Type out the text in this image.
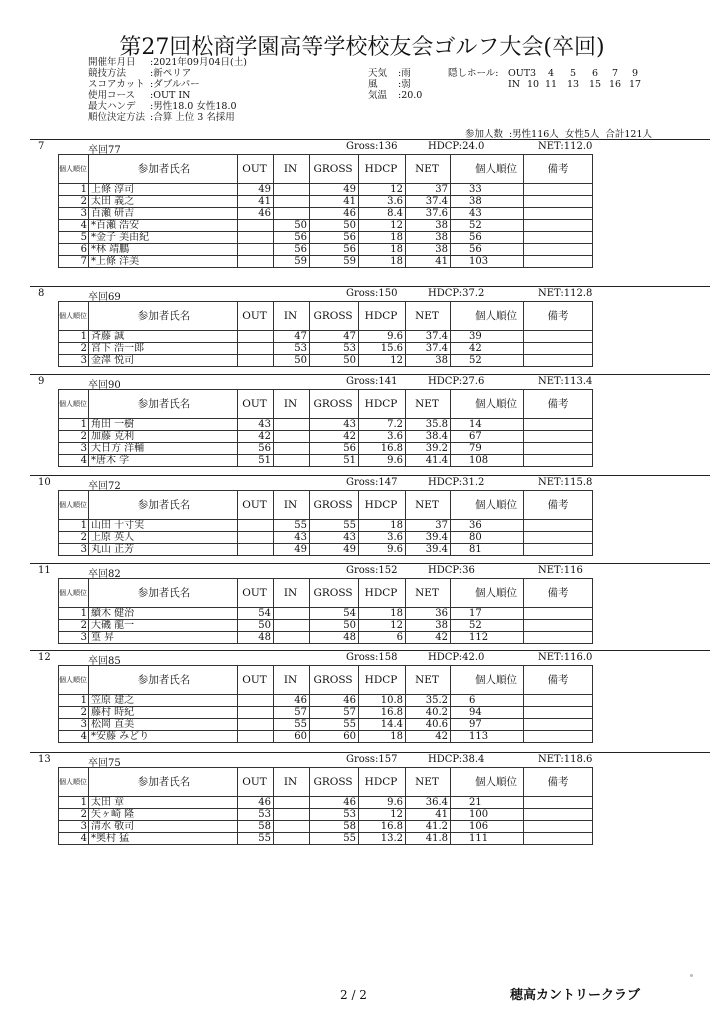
第27回松商学園高等学校校友会ゴルフ大会(卒回)
開催年月日 :2021年09月04日(土)
競技方法	:新ペリア
スコアカット :ダブルパー
使用コース :OUT IN
最大ハンデ :男性18.0 女性18.0
順位決定方法 :合算 上位 3 名採用
天気 :雨
風 :弱
気温 :20.0
隠しホール: OUT 3	4	5	6	7	9
IN 10 11	13	15 16 17
参加人数 :男性116人 女性5人 合計121人
7	卒回77	Gross:136	HDCP:24.0	NET:112.0
個人順位	参加者氏名	OUT	IN	GROSS	HDCP	NET	個人順位	備考
1	上條 淳司	49		49	12	37	33	
2	太田 義之	41		41	3.6	37.4	38	
3	百瀬 研吉	46		46	8.4	37.6	43	
4	*百瀬 浩安		50	50	12	38	52	
5	*金子 美由紀		56	56	18	38	56	
6	*林 靖鵬		56	56	18	38	56	
7	*上條 洋美		59	59	18	41	103	
8	卒回69	Gross:150	HDCP:37.2	NET:112.8
個人順位	参加者氏名	OUT	IN	GROSS	HDCP	NET	個人順位	備考
1	斉藤 誠		47	47	9.6	37.4	39	
2	宮下 浩一郎		53	53	15.6	37.4	42	
3	金澤 悦司		50	50	12	38	52	
9	卒回90	Gross:141	HDCP:27.6	NET:113.4
個人順位	参加者氏名	OUT	IN	GROSS	HDCP	NET	個人順位	備考
1	角田 一樹	43		43	7.2	35.8	14	
2	加藤 克利	42		42	3.6	38.4	67	
3	大日方 洋輔	56		56	16.8	39.2	79	
4	*唐木 学	51		51	9.6	41.4	108	
10	卒回72	Gross:147	HDCP:31.2	NET:115.8
個人順位	参加者氏名	OUT	IN	GROSS	HDCP	NET	個人順位	備考
1	山田 十寸実		55	55	18	37	36	
2	上原 英人		43	43	3.6	39.4	80	
3	丸山 正芳		49	49	9.6	39.4	81	
11	卒回82	Gross:152	HDCP:36	NET:116
個人順位	参加者氏名	OUT	IN	GROSS	HDCP	NET	個人順位	備考
1	續木 健治	54		54	18	36	17	
2	大磯 龍一	50		50	12	38	52	
3	篁 昇	48		48	6	42	112	
12	卒回85	Gross:158	HDCP:42.0	NET:116.0
個人順位	参加者氏名	OUT	IN	GROSS	HDCP	NET	個人順位	備考
1	笠原 建之		46	46	10.8	35.2	6	
2	藤村 時紀		57	57	16.8	40.2	94	
3	松岡 直美		55	55	14.4	40.6	97	
4	*安藤 みどり		60	60	18	42	113	
13	卒回75	Gross:157	HDCP:38.4	NET:118.6
個人順位	参加者氏名	OUT	IN	GROSS	HDCP	NET	個人順位	備考
1	太田 章	46		46	9.6	36.4	21	
2	矢ヶ崎 隆	53		53	12	41	100	
3	清水 敬司	58		58	16.8	41.2	106	
4	*奥村 猛	55		55	13.2	41.8	111	
2 / 2	穂高カントリークラブ
